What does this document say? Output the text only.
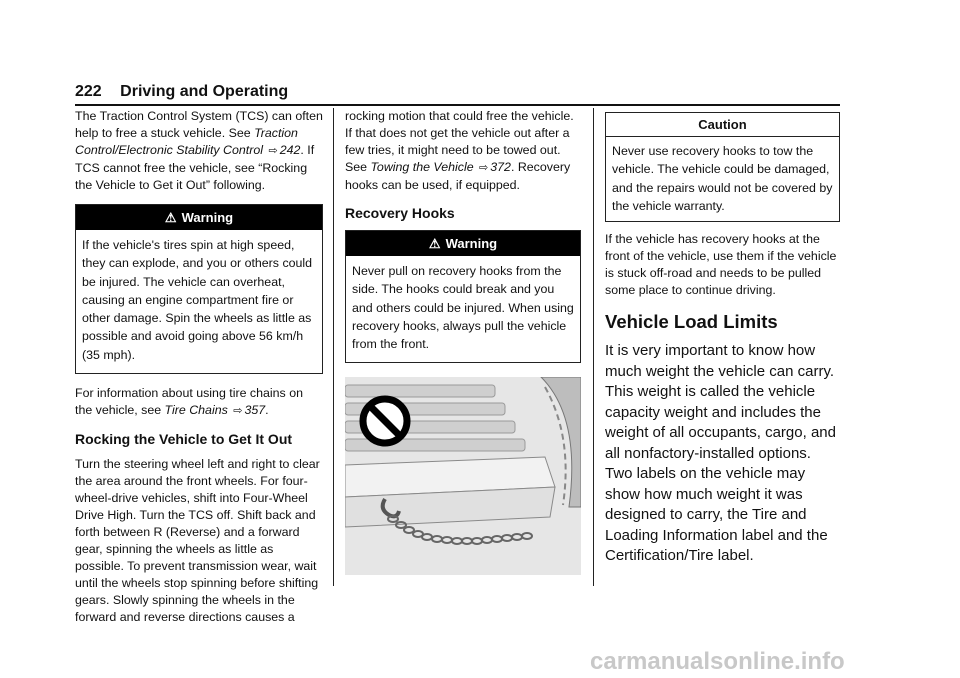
222 Driving and Operating

The Traction Control System (TCS) can often help to free a stuck vehicle. See Traction Control/Electronic Stability Control ⇨ 242. If TCS cannot free the vehicle, see “Rocking the Vehicle to Get it Out” following.

⚠ Warning
If the vehicle's tires spin at high speed, they can explode, and you or others could be injured. The vehicle can overheat, causing an engine compartment fire or other damage. Spin the wheels as little as possible and avoid going above 56 km/h (35 mph).

For information about using tire chains on the vehicle, see Tire Chains ⇨ 357.

Rocking the Vehicle to Get It Out

Turn the steering wheel left and right to clear the area around the front wheels. For four-wheel-drive vehicles, shift into Four-Wheel Drive High. Turn the TCS off. Shift back and forth between R (Reverse) and a forward gear, spinning the wheels as little as possible. To prevent transmission wear, wait until the wheels stop spinning before shifting gears. Slowly spinning the wheels in the forward and reverse directions causes a

rocking motion that could free the vehicle. If that does not get the vehicle out after a few tries, it might need to be towed out. See Towing the Vehicle ⇨ 372. Recovery hooks can be used, if equipped.

Recovery Hooks
⚠ Warning
Never pull on recovery hooks from the side. The hooks could break and you and others could be injured. When using recovery hooks, always pull the vehicle from the front.
Caution
Never use recovery hooks to tow the vehicle. The vehicle could be damaged, and the repairs would not be covered by the vehicle warranty.

If the vehicle has recovery hooks at the front of the vehicle, use them if the vehicle is stuck off-road and needs to be pulled some place to continue driving.

Vehicle Load Limits

It is very important to know how much weight the vehicle can carry. This weight is called the vehicle capacity weight and includes the weight of all occupants, cargo, and all nonfactory-installed options. Two labels on the vehicle may show how much weight it was designed to carry, the Tire and Loading Information label and the Certification/Tire label.

carmanualsonline.info
